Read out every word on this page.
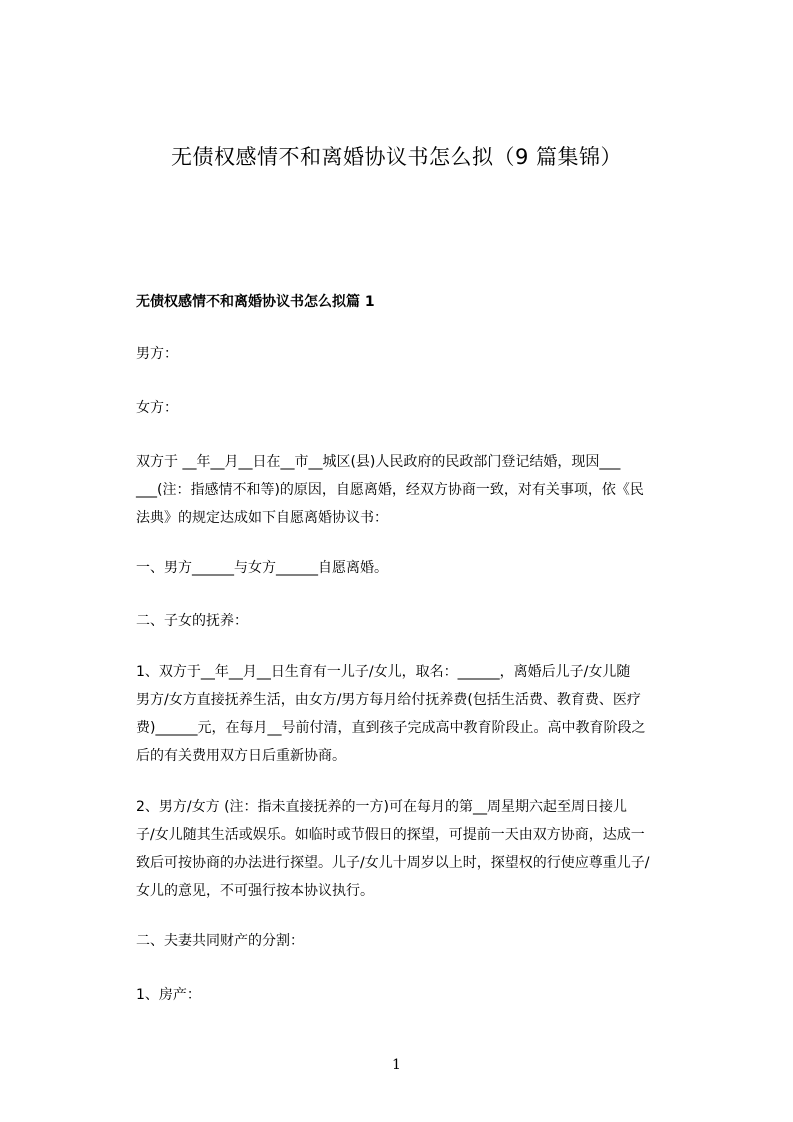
无债权感情不和离婚协议书怎么拟（9 篇集锦）
无债权感情不和离婚协议书怎么拟篇 1
男方：
女方：
双方于 __年__月__日在__市__城区(县)人民政府的民政部门登记结婚，现因___
___(注：指感情不和等)的原因，自愿离婚，经双方协商一致，对有关事项，依《民
法典》的规定达成如下自愿离婚协议书：
一、男方______与女方______自愿离婚。
二、子女的抚养：
1、双方于__年__月__日生育有一儿子/女儿，取名：______，离婚后儿子/女儿随
男方/女方直接抚养生活，由女方/男方每月给付抚养费(包括生活费、教育费、医疗
费)______元，在每月__号前付清，直到孩子完成高中教育阶段止。高中教育阶段之
后的有关费用双方日后重新协商。
2、男方/女方 (注：指未直接抚养的一方)可在每月的第__周星期六起至周日接儿
子/女儿随其生活或娱乐。如临时或节假日的探望，可提前一天由双方协商，达成一
致后可按协商的办法进行探望。儿子/女儿十周岁以上时，探望权的行使应尊重儿子/
女儿的意见，不可强行按本协议执行。
二、夫妻共同财产的分割：
1、房产：
1
